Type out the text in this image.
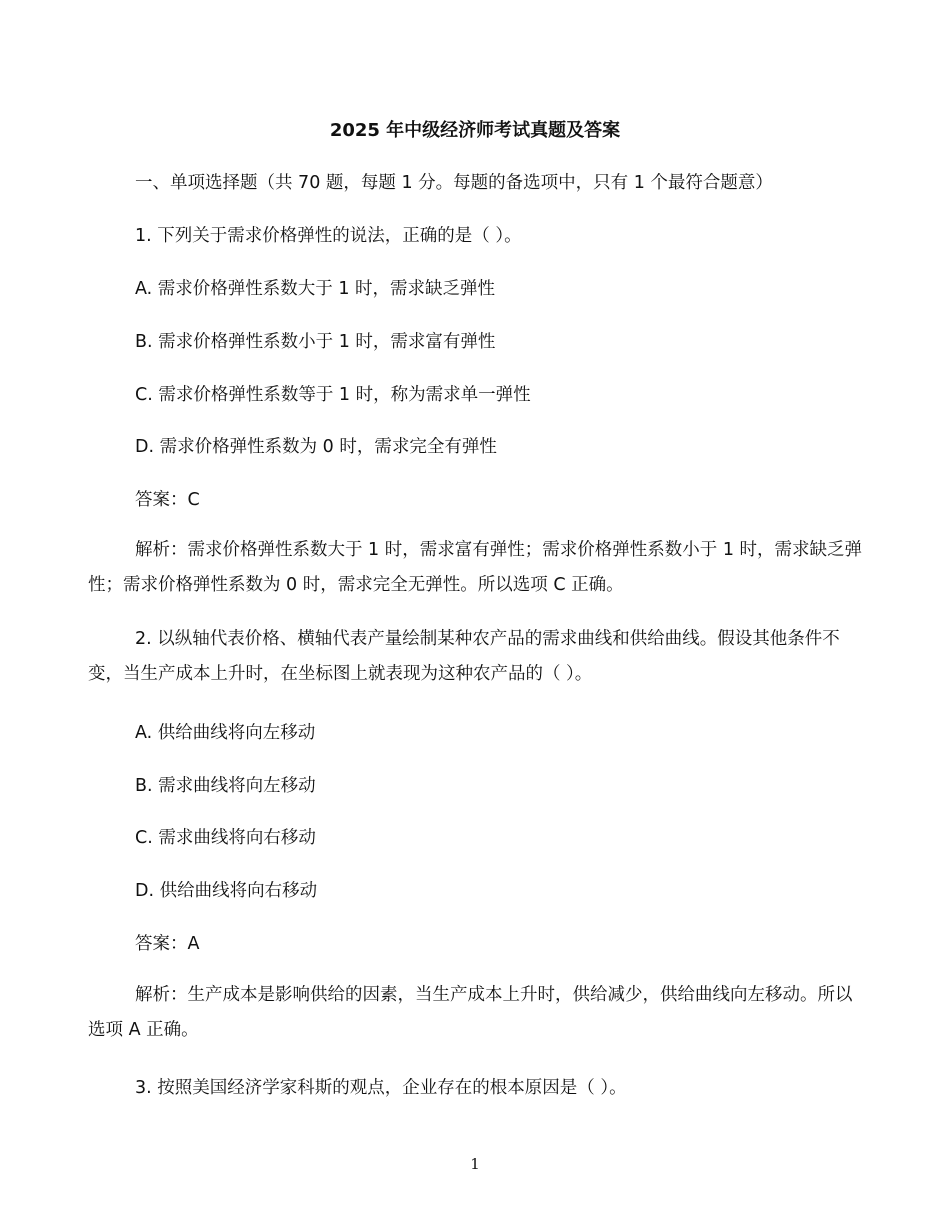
2025 年中级经济师考试真题及答案
一、单项选择题（共 70 题，每题 1 分。每题的备选项中，只有 1 个最符合题意）
1. 下列关于需求价格弹性的说法，正确的是（ ）。
A. 需求价格弹性系数大于 1 时，需求缺乏弹性
B. 需求价格弹性系数小于 1 时，需求富有弹性
C. 需求价格弹性系数等于 1 时，称为需求单一弹性
D. 需求价格弹性系数为 0 时，需求完全有弹性
答案：C

解析：需求价格弹性系数大于 1 时，需求富有弹性；需求价格弹性系数小于 1 时，需求缺乏弹性；需求价格弹性系数为 0 时，需求完全无弹性。所以选项 C 正确。

2. 以纵轴代表价格、横轴代表产量绘制某种农产品的需求曲线和供给曲线。假设其他条件不变，当生产成本上升时，在坐标图上就表现为这种农产品的（ ）。

A. 供给曲线将向左移动
B. 需求曲线将向左移动
C. 需求曲线将向右移动
D. 供给曲线将向右移动
答案：A

解析：生产成本是影响供给的因素，当生产成本上升时，供给减少，供给曲线向左移动。所以选项 A 正确。

3. 按照美国经济学家科斯的观点，企业存在的根本原因是（ ）。
1
